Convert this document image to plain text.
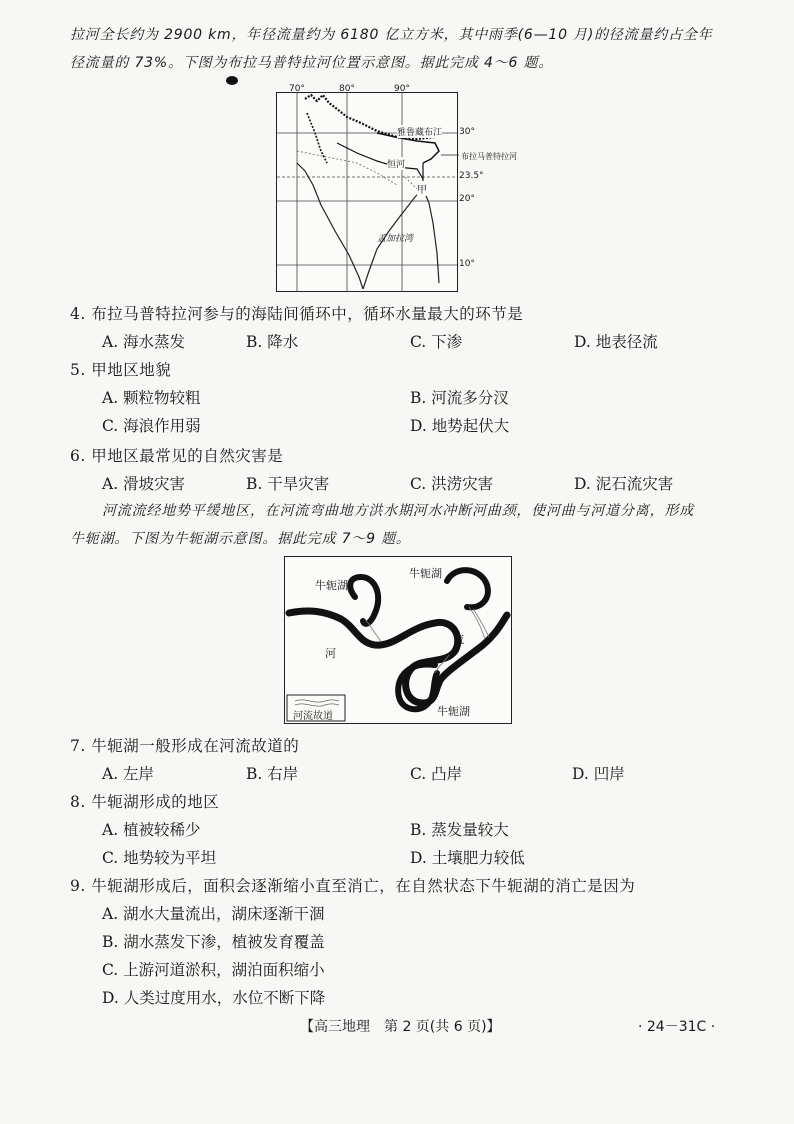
拉河全长约为 2900 km，年径流量约为 6180 亿立方米，其中雨季(6—10 月)的径流量约占全年
径流量的 73%。下图为布拉马普特拉河位置示意图。据此完成 4～6 题。
70°	80°	90°
30°
23.5°
20°
10°
雅鲁藏布江
布拉马普特拉河
恒河
甲
孟加拉湾
4. 布拉马普特拉河参与的海陆间循环中，循环水量最大的环节是
A. 海水蒸发	B. 降水	C. 下渗	D. 地表径流
5. 甲地区地貌
A. 颗粒物较粗	B. 河流多分汊
C. 海浪作用弱	D. 地势起伏大
6. 甲地区最常见的自然灾害是
A. 滑坡灾害	B. 干旱灾害	C. 洪涝灾害	D. 泥石流灾害
河流流经地势平缓地区，在河流弯曲地方洪水期河水冲断河曲颈，使河曲与河道分离，形成
牛轭湖。下图为牛轭湖示意图。据此完成 7～9 题。
牛轭湖
牛轭湖
牛轭湖
河
流
河流故道
7. 牛轭湖一般形成在河流故道的
A. 左岸	B. 右岸	C. 凸岸	D. 凹岸
8. 牛轭湖形成的地区
A. 植被较稀少	B. 蒸发量较大
C. 地势较为平坦	D. 土壤肥力较低
9. 牛轭湖形成后，面积会逐渐缩小直至消亡，在自然状态下牛轭湖的消亡是因为
A. 湖水大量流出，湖床逐渐干涸
B. 湖水蒸发下渗，植被发育覆盖
C. 上游河道淤积，湖泊面积缩小
D. 人类过度用水，水位不断下降
【高三地理　第 2 页(共 6 页)】	· 24－31C ·
